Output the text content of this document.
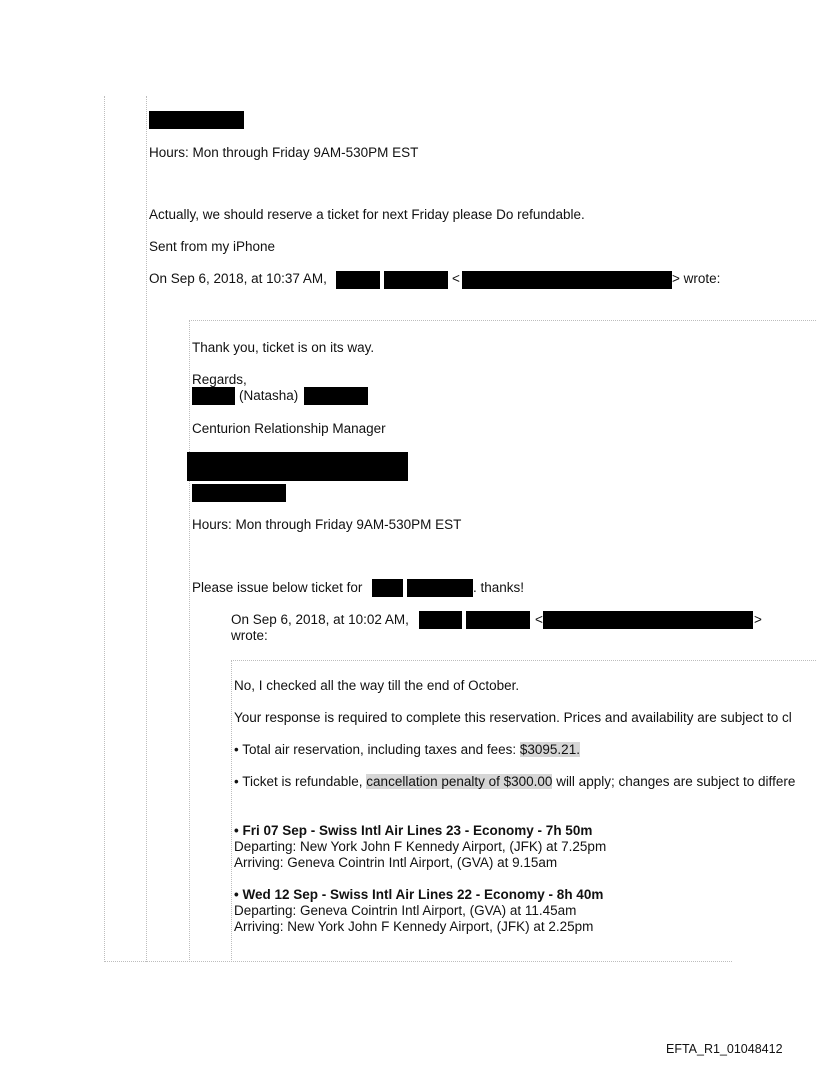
Hours: Mon through Friday 9AM-530PM EST
Actually, we should reserve a ticket for next Friday please Do refundable.
Sent from my iPhone
On Sep 6, 2018, at 10:37 AM,	<	> wrote:
Thank you, ticket is on its way.
Regards,
(Natasha)
Centurion Relationship Manager
Hours: Mon through Friday 9AM-530PM EST
Please issue below ticket for	. thanks!
On Sep 6, 2018, at 10:02 AM,	<	>
wrote:
No, I checked all the way till the end of October.
Your response is required to complete this reservation. Prices and availability are subject to cl
• Total air reservation, including taxes and fees: $3095.21.
• Ticket is refundable, cancellation penalty of $300.00 will apply; changes are subject to differe
• Fri 07 Sep - Swiss Intl Air Lines 23 - Economy - 7h 50m
Departing: New York John F Kennedy Airport, (JFK) at 7.25pm
Arriving: Geneva Cointrin Intl Airport, (GVA) at 9.15am
• Wed 12 Sep - Swiss Intl Air Lines 22 - Economy - 8h 40m
Departing: Geneva Cointrin Intl Airport, (GVA) at 11.45am
Arriving: New York John F Kennedy Airport, (JFK) at 2.25pm
EFTA_R1_01048412
